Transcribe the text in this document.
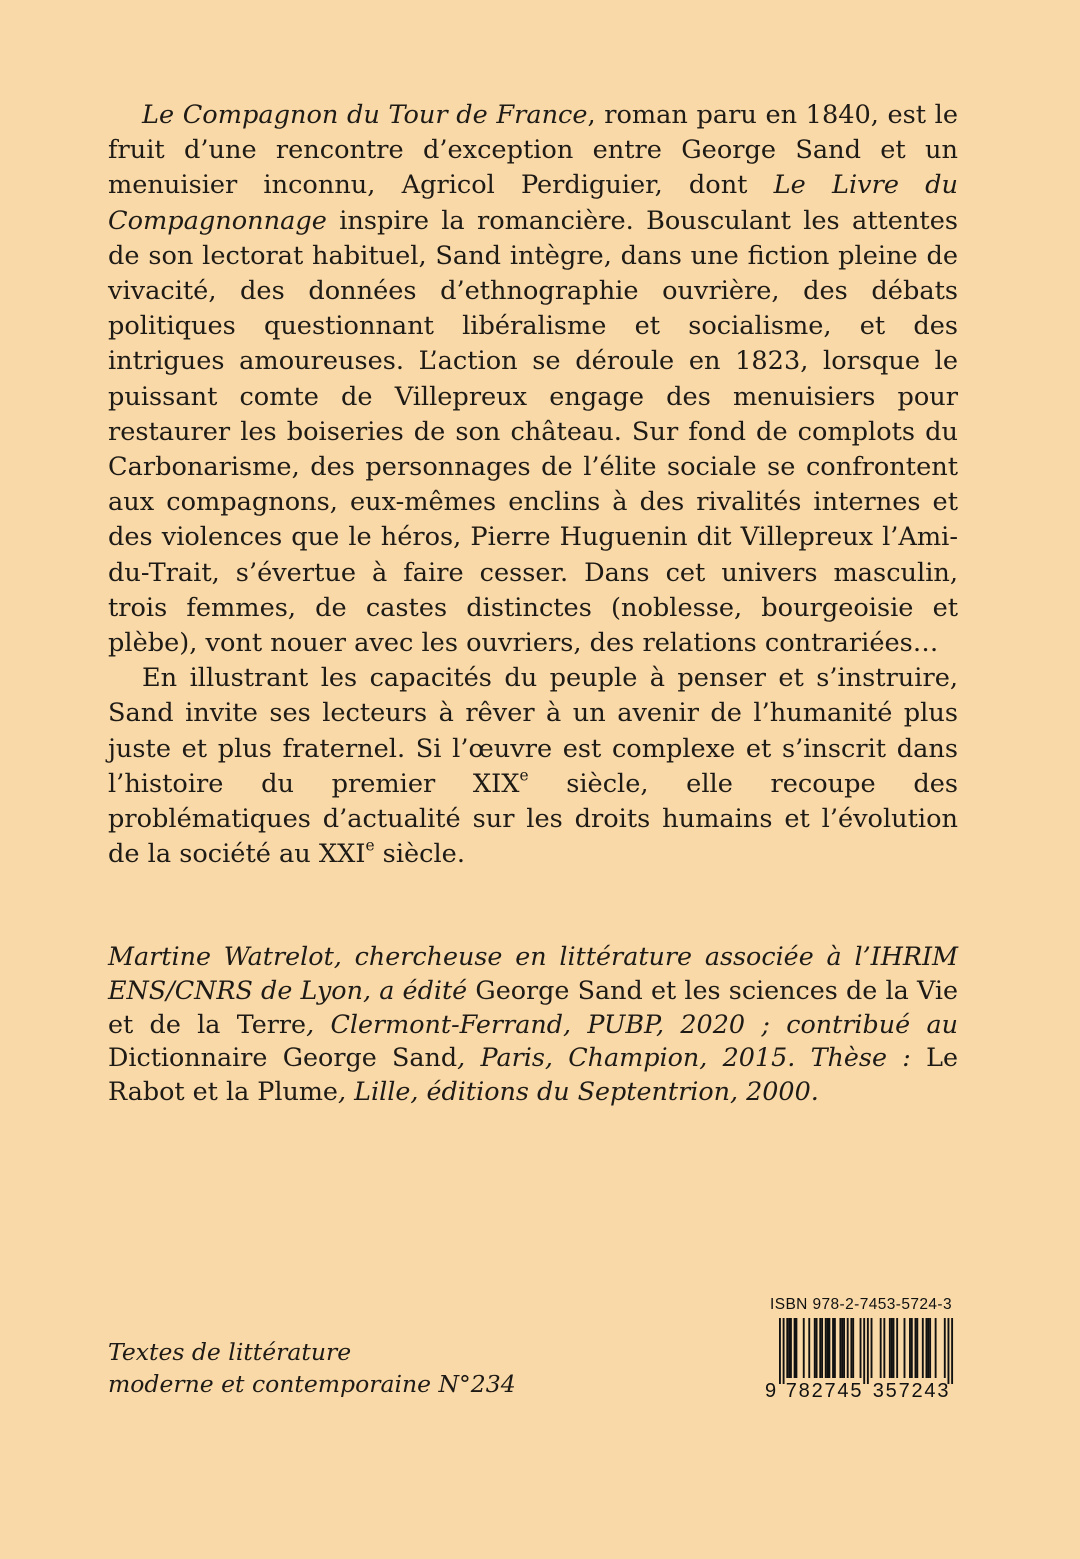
Le Compagnon du Tour de France, roman paru en 1840, est le fruit d’une rencontre d’exception entre George Sand et un menuisier inconnu, Agricol Perdiguier, dont Le Livre du Compagnonnage inspire la romancière. Bousculant les attentes de son lectorat habituel, Sand intègre, dans une fiction pleine de vivacité, des données d’ethnographie ouvrière, des débats politiques questionnant libéralisme et socialisme, et des intrigues amoureuses. L’action se déroule en 1823, lorsque le puissant comte de Villepreux engage des menuisiers pour restaurer les boiseries de son château. Sur fond de complots du Carbonarisme, des personnages de l’élite sociale se confrontent aux compagnons, eux-mêmes enclins à des rivalités internes et des violences que le héros, Pierre Huguenin dit Villepreux l’Ami-du-Trait, s’évertue à faire cesser. Dans cet univers masculin, trois femmes, de castes distinctes (noblesse, bourgeoisie et plèbe), vont nouer avec les ouvriers, des relations contrariées…

En illustrant les capacités du peuple à penser et s’instruire, Sand invite ses lecteurs à rêver à un avenir de l’humanité plus juste et plus fraternel. Si l’œuvre est complexe et s’inscrit dans l’histoire du premier XIXe siècle, elle recoupe des problématiques d’actualité sur les droits humains et l’évolution de la société au XXIe siècle.

Martine Watrelot, chercheuse en littérature associée à l’IHRIM ENS/CNRS de Lyon, a édité George Sand et les sciences de la Vie et de la Terre, Clermont-Ferrand, PUBP, 2020 ; contribué au Dictionnaire George Sand, Paris, Champion, 2015. Thèse : Le Rabot et la Plume, Lille, éditions du Septentrion, 2000.

Textes de littérature
moderne et contemporaine N°234
ISBN 978-2-7453-5724-3
9 782745 357243
